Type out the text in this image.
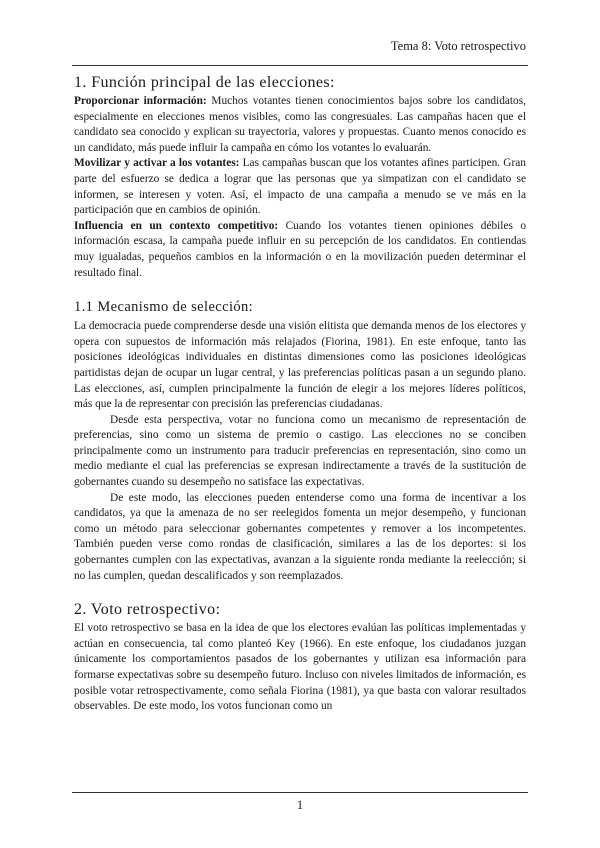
Tema 8: Voto retrospectivo
1. Función principal de las elecciones:

Proporcionar información: Muchos votantes tienen conocimientos bajos sobre los candidatos, especialmente en elecciones menos visibles, como las congresuales. Las campañas hacen que el candidato sea conocido y explican su trayectoria, valores y propuestas. Cuanto menos conocido es un candidato, más puede influir la campaña en cómo los votantes lo evaluarán.

Movilizar y activar a los votantes: Las campañas buscan que los votantes afines participen. Gran parte del esfuerzo se dedica a lograr que las personas que ya simpatizan con el candidato se informen, se interesen y voten. Así, el impacto de una campaña a menudo se ve más en la participación que en cambios de opinión.

Influencia en un contexto competitivo: Cuando los votantes tienen opiniones débiles o información escasa, la campaña puede influir en su percepción de los candidatos. En contiendas muy igualadas, pequeños cambios en la información o en la movilización pueden determinar el resultado final.

1.1 Mecanismo de selección:

La democracia puede comprenderse desde una visión elitista que demanda menos de los electores y opera con supuestos de información más relajados (Fiorina, 1981). En este enfoque, tanto las posiciones ideológicas individuales en distintas dimensiones como las posiciones ideológicas partidistas dejan de ocupar un lugar central, y las preferencias políticas pasan a un segundo plano. Las elecciones, así, cumplen principalmente la función de elegir a los mejores líderes políticos, más que la de representar con precisión las preferencias ciudadanas.

Desde esta perspectiva, votar no funciona como un mecanismo de representación de preferencias, sino como un sistema de premio o castigo. Las elecciones no se conciben principalmente como un instrumento para traducir preferencias en representación, sino como un medio mediante el cual las preferencias se expresan indirectamente a través de la sustitución de gobernantes cuando su desempeño no satisface las expectativas.

De este modo, las elecciones pueden entenderse como una forma de incentivar a los candidatos, ya que la amenaza de no ser reelegidos fomenta un mejor desempeño, y funcionan como un método para seleccionar gobernantes competentes y remover a los incompetentes. También pueden verse como rondas de clasificación, similares a las de los deportes: si los gobernantes cumplen con las expectativas, avanzan a la siguiente ronda mediante la reelección; si no las cumplen, quedan descalificados y son reemplazados.

2. Voto retrospectivo:

El voto retrospectivo se basa en la idea de que los electores evalúan las políticas implementadas y actúan en consecuencia, tal como planteó Key (1966). En este enfoque, los ciudadanos juzgan únicamente los comportamientos pasados de los gobernantes y utilizan esa información para formarse expectativas sobre su desempeño futuro. Incluso con niveles limitados de información, es posible votar retrospectivamente, como señala Fiorina (1981), ya que basta con valorar resultados observables. De este modo, los votos funcionan como un

1
